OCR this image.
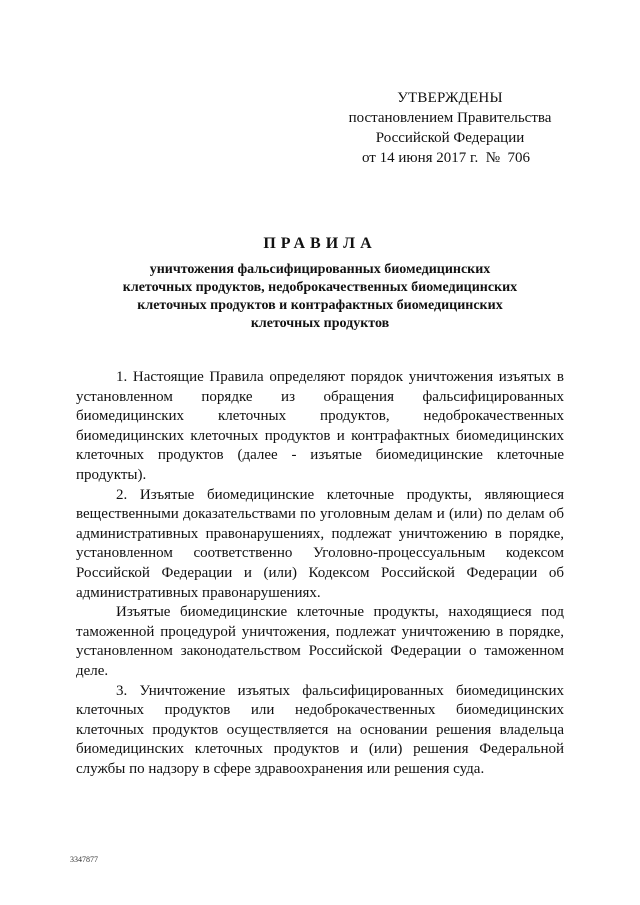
УТВЕРЖДЕНЫ
постановлением Правительства
Российской Федерации
от 14 июня 2017 г.  №  706
ПРАВИЛА
уничтожения фальсифицированных биомедицинских
клеточных продуктов, недоброкачественных биомедицинских
клеточных продуктов и контрафактных биомедицинских
клеточных продуктов

1. Настоящие Правила определяют порядок уничтожения изъятых в установленном порядке из обращения фальсифицированных биомедицинских клеточных продуктов, недоброкачественных биомедицинских клеточных продуктов и контрафактных биомедицинских клеточных продуктов (далее - изъятые биомедицинские клеточные продукты).

2. Изъятые биомедицинские клеточные продукты, являющиеся вещественными доказательствами по уголовным делам и (или) по делам об административных правонарушениях, подлежат уничтожению в порядке, установленном соответственно Уголовно-процессуальным кодексом Российской Федерации и (или) Кодексом Российской Федерации об административных правонарушениях.

Изъятые биомедицинские клеточные продукты, находящиеся под таможенной процедурой уничтожения, подлежат уничтожению в порядке, установленном законодательством Российской Федерации о таможенном деле.

3. Уничтожение изъятых фальсифицированных биомедицинских клеточных продуктов или недоброкачественных биомедицинских клеточных продуктов осуществляется на основании решения владельца биомедицинских клеточных продуктов и (или) решения Федеральной службы по надзору в сфере здравоохранения или решения суда.

3347877
